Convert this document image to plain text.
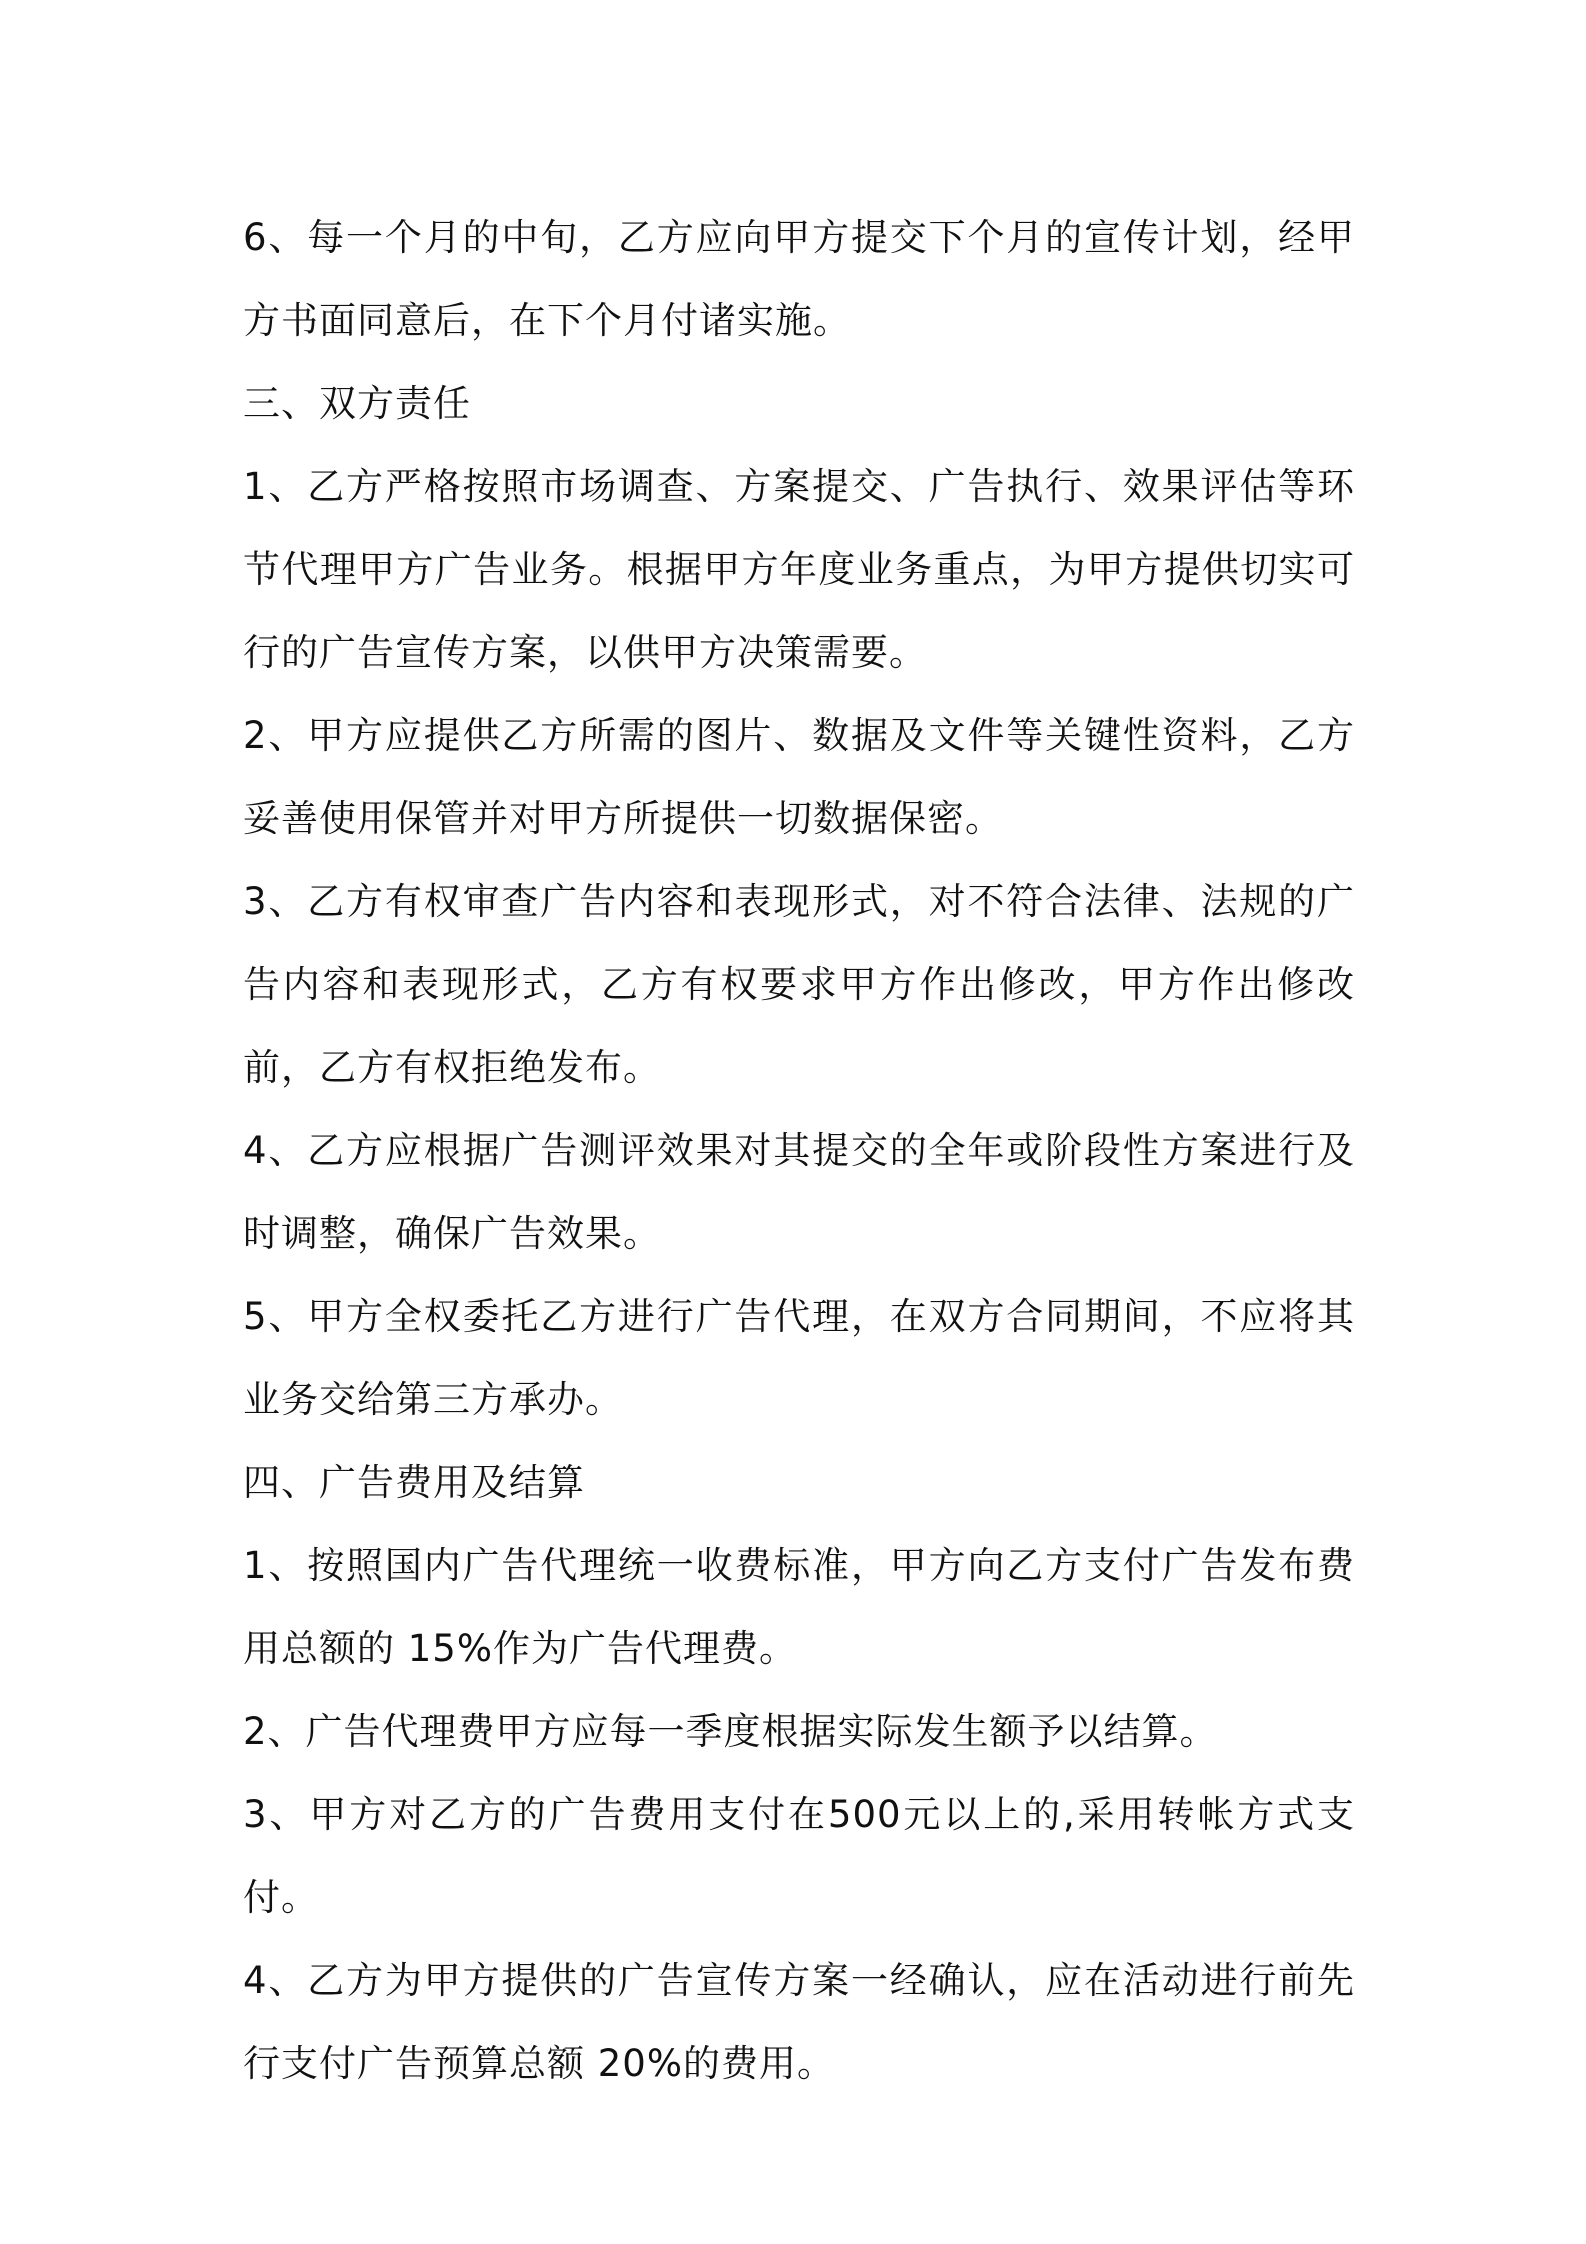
6、每一个月的中旬，乙方应向甲方提交下个月的宣传计划，经甲方书面同意后，在下个月付诸实施。

三、双方责任

1、乙方严格按照市场调查、方案提交、广告执行、效果评估等环节代理甲方广告业务。根据甲方年度业务重点，为甲方提供切实可行的广告宣传方案，以供甲方决策需要。

2、甲方应提供乙方所需的图片、数据及文件等关键性资料，乙方妥善使用保管并对甲方所提供一切数据保密。

3、乙方有权审查广告内容和表现形式，对不符合法律、法规的广告内容和表现形式，乙方有权要求甲方作出修改，甲方作出修改前，乙方有权拒绝发布。

4、乙方应根据广告测评效果对其提交的全年或阶段性方案进行及时调整，确保广告效果。

5、甲方全权委托乙方进行广告代理，在双方合同期间，不应将其业务交给第三方承办。

四、广告费用及结算

1、按照国内广告代理统一收费标准，甲方向乙方支付广告发布费用总额的 15%作为广告代理费。

2、广告代理费甲方应每一季度根据实际发生额予以结算。

3、甲方对乙方的广告费用支付在500元以上的,采用转帐方式支付。

4、乙方为甲方提供的广告宣传方案一经确认，应在活动进行前先行支付广告预算总额 20%的费用。
